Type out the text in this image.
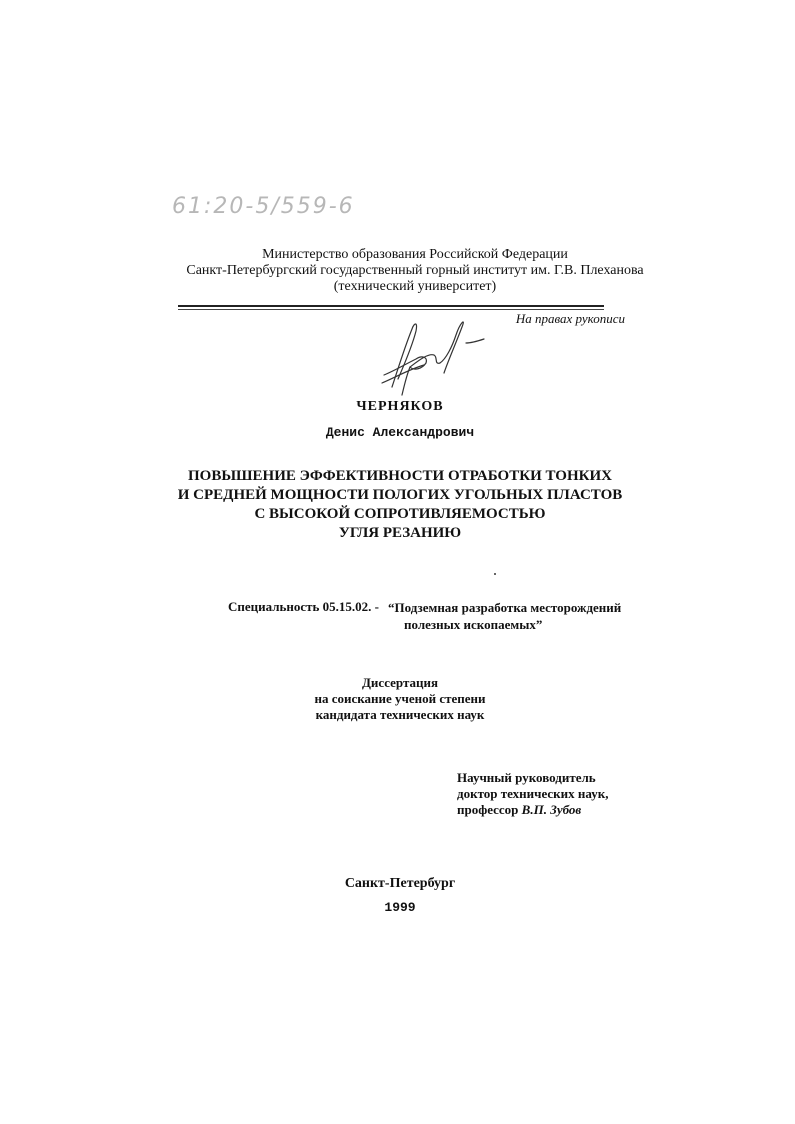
61:20-5/559-6
Министерство образования Российской Федерации
Санкт-Петербургский государственный горный институт им. Г.В. Плеханова
(технический университет)
На правах рукописи
ЧЕРНЯКОВ
Денис Александрович
ПОВЫШЕНИЕ ЭФФЕКТИВНОСТИ ОТРАБОТКИ ТОНКИХ
И СРЕДНЕЙ МОЩНОСТИ ПОЛОГИХ УГОЛЬНЫХ ПЛАСТОВ
С ВЫСОКОЙ СОПРОТИВЛЯЕМОСТЬЮ
УГЛЯ РЕЗАНИЮ
Специальность 05.15.02. - “Подземная разработка месторождений
полезных ископаемых”
Диссертация
на соискание ученой степени
кандидата технических наук
Научный руководитель
доктор технических наук,
профессор В.П. Зубов
Санкт-Петербург
1999
